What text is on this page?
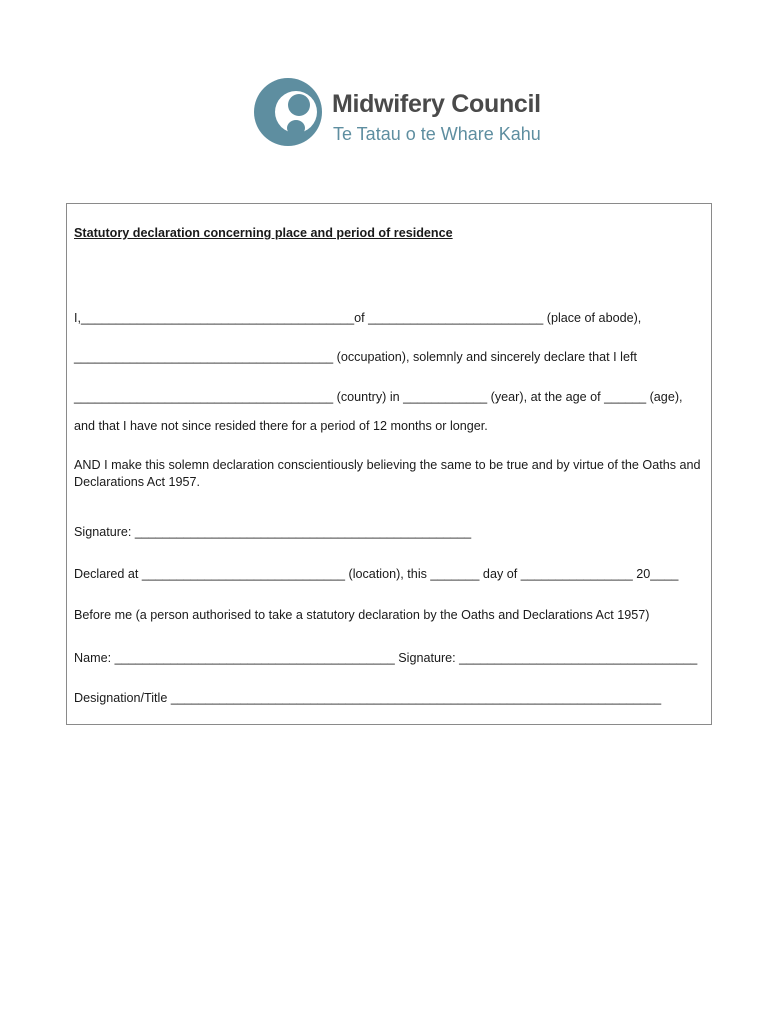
Midwifery Council
Te Tatau o te Whare Kahu
Statutory declaration concerning place and period of residence
I,_______________________________________of _________________________ (place of abode),
_____________________________________ (occupation), solemnly and sincerely declare that I left
_____________________________________ (country) in ____________ (year), at the age of ______ (age),
and that I have not since resided there for a period of 12 months or longer.
AND I make this solemn declaration conscientiously believing the same to be true and by virtue of the Oaths and Declarations Act 1957.
Signature: ________________________________________________
Declared at _____________________________ (location), this _______ day of ________________ 20____
Before me (a person authorised to take a statutory declaration by the Oaths and Declarations Act 1957)
Name: ________________________________________ Signature: __________________________________
Designation/Title ______________________________________________________________________
